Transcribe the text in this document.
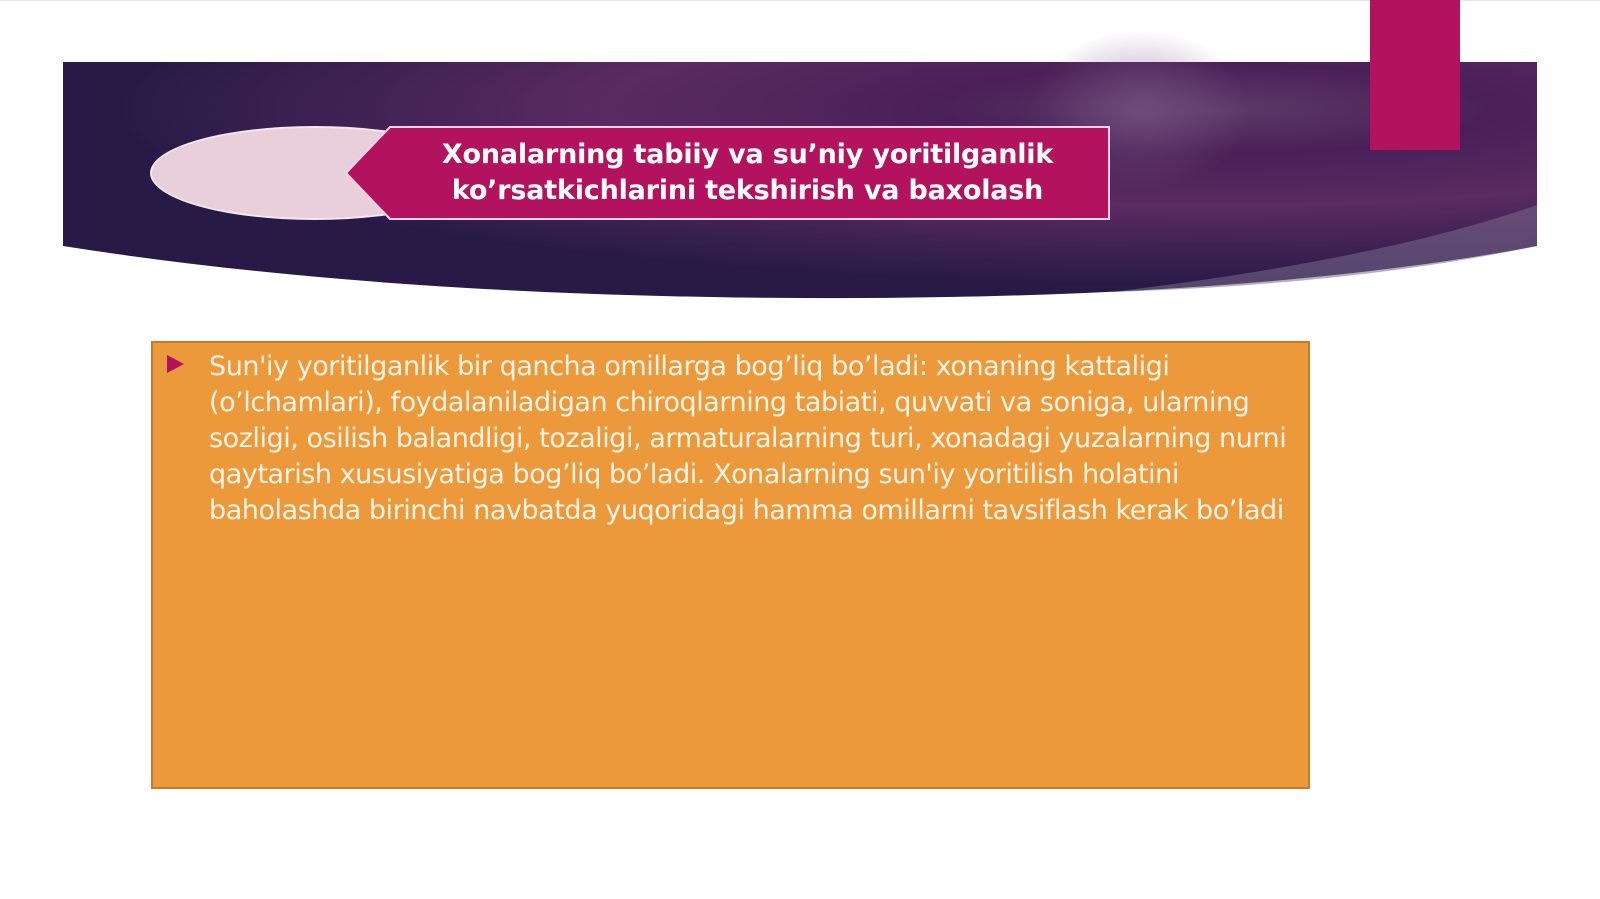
Xonalarning tabiiy va su’niy yoritilganlik
ko’rsatkichlarini tekshirish va baxolash
Sun'iy yoritilganlik bir qancha omillarga bog’liq bo’ladi: xonaning kattaligi (o’lchamlari), foydalaniladigan chiroqlarning tabiati, quvvati va soniga, ularning sozligi, osilish balandligi, tozaligi, armaturalarning turi, xonadagi yuzalarning nurni qaytarish xususiyatiga bog’liq bo’ladi. Xonalarning sun'iy yoritilish holatini baholashda birinchi navbatda yuqoridagi hamma omillarni tavsiflash kerak bo’ladi
